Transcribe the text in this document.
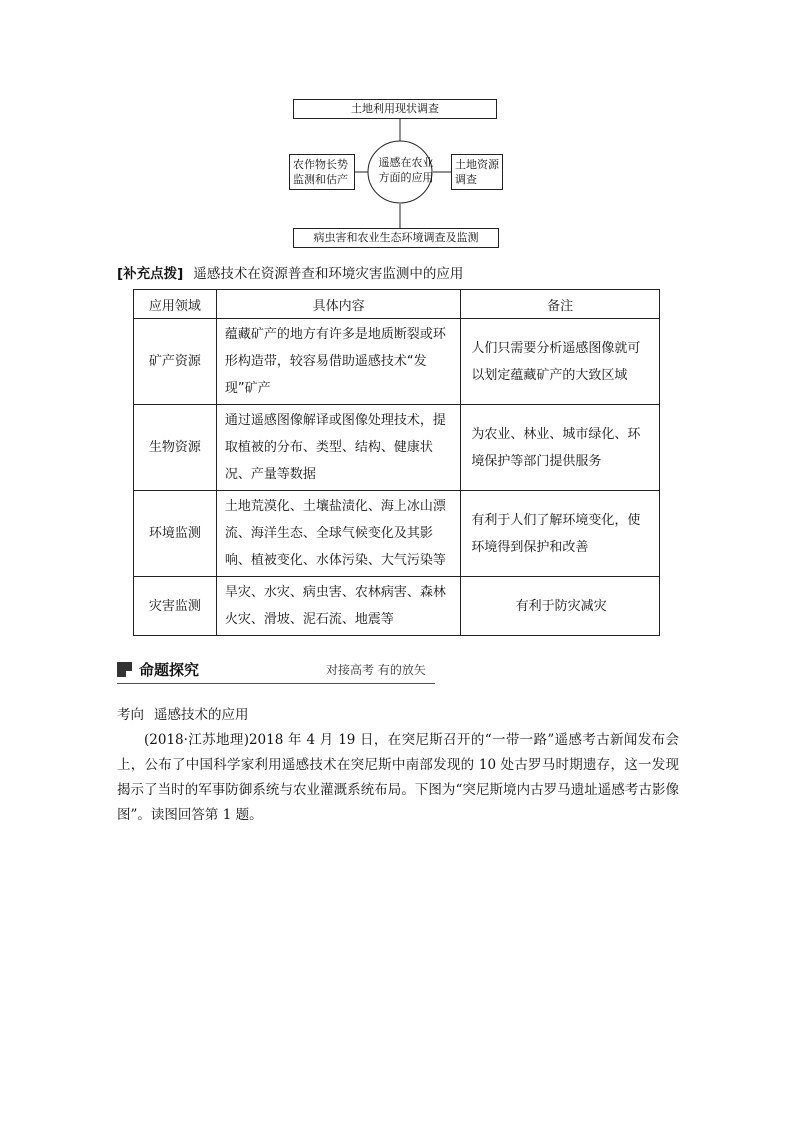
土地利用现状调查
农作物长势
监测和估产
遥感在农业
方面的应用
土地资源
调查
病虫害和农业生态环境调查及监测
[补充点拨] 遥感技术在资源普查和环境灾害监测中的应用
应用领域	具体内容	备注
矿产资源	蕴藏矿产的地方有许多是地质断裂或环形构造带，较容易借助遥感技术“发现”矿产	人们只需要分析遥感图像就可以划定蕴藏矿产的大致区域
生物资源	通过遥感图像解译或图像处理技术，提取植被的分布、类型、结构、健康状况、产量等数据	为农业、林业、城市绿化、环境保护等部门提供服务
环境监测	土地荒漠化、土壤盐渍化、海上冰山漂流、海洋生态、全球气候变化及其影响、植被变化、水体污染、大气污染等	有利于人们了解环境变化，使环境得到保护和改善
灾害监测	旱灾、水灾、病虫害、农林病害、森林火灾、滑坡、泥石流、地震等	有利于防灾减灾
命题探究	对接高考 有的放矢
考向 遥感技术的应用
(2018·江苏地理)2018 年 4 月 19 日，在突尼斯召开的“一带一路”遥感考古新闻发布会上，公布了中国科学家利用遥感技术在突尼斯中南部发现的 10 处古罗马时期遗存，这一发现揭示了当时的军事防御系统与农业灌溉系统布局。下图为“突尼斯境内古罗马遗址遥感考古影像图”。读图回答第 1 题。
